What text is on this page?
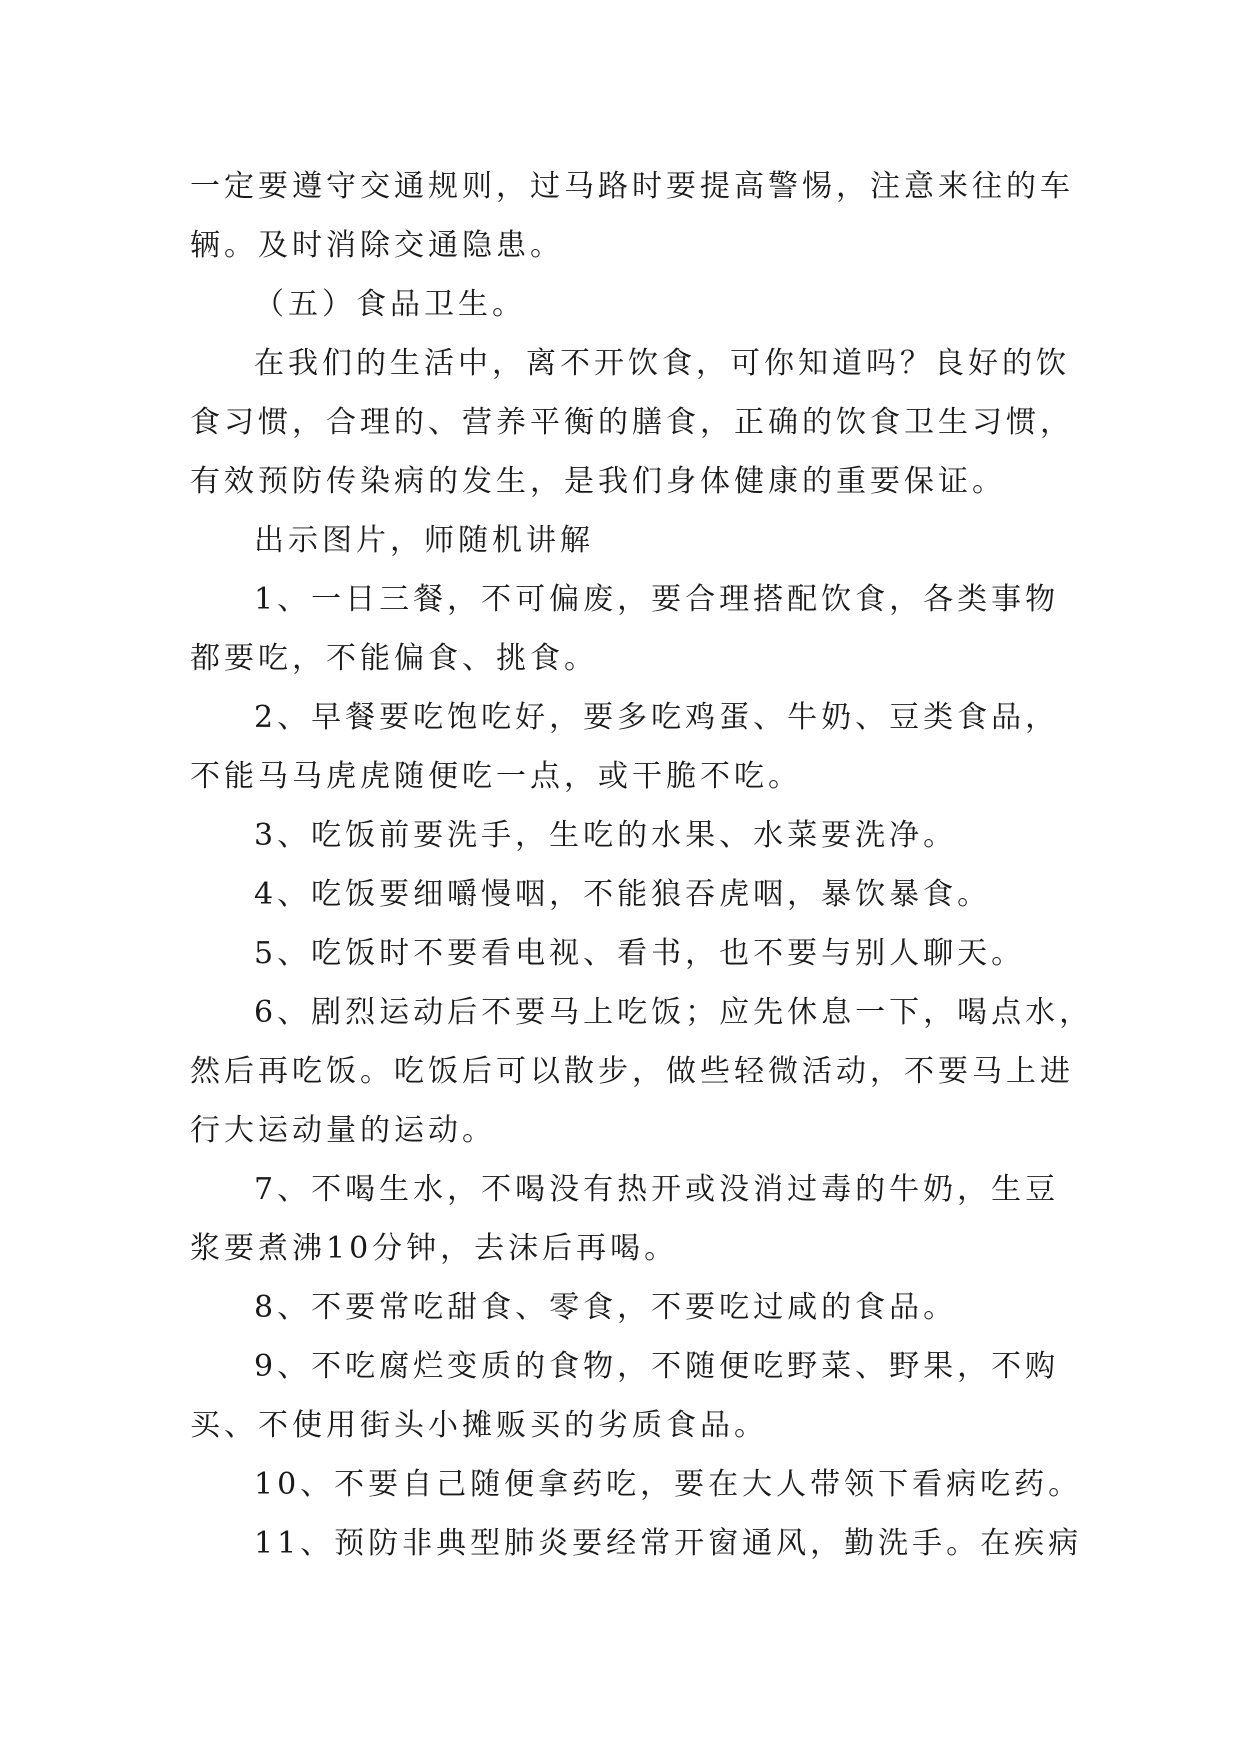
一定要遵守交通规则，过马路时要提高警惕，注意来往的车
辆。及时消除交通隐患。
（五）食品卫生。
在我们的生活中，离不开饮食，可你知道吗？良好的饮
食习惯，合理的、营养平衡的膳食，正确的饮食卫生习惯，
有效预防传染病的发生，是我们身体健康的重要保证。
出示图片，师随机讲解
1、一日三餐，不可偏废，要合理搭配饮食，各类事物
都要吃，不能偏食、挑食。
2、早餐要吃饱吃好，要多吃鸡蛋、牛奶、豆类食品，
不能马马虎虎随便吃一点，或干脆不吃。
3、吃饭前要洗手，生吃的水果、水菜要洗净。
4、吃饭要细嚼慢咽，不能狼吞虎咽，暴饮暴食。
5、吃饭时不要看电视、看书，也不要与别人聊天。
6、剧烈运动后不要马上吃饭；应先休息一下，喝点水，
然后再吃饭。吃饭后可以散步，做些轻微活动，不要马上进
行大运动量的运动。
7、不喝生水，不喝没有热开或没消过毒的牛奶，生豆
浆要煮沸10分钟，去沫后再喝。
8、不要常吃甜食、零食，不要吃过咸的食品。
9、不吃腐烂变质的食物，不随便吃野菜、野果，不购
买、不使用街头小摊贩买的劣质食品。
10、不要自己随便拿药吃，要在大人带领下看病吃药。
11、预防非典型肺炎要经常开窗通风，勤洗手。在疾病
